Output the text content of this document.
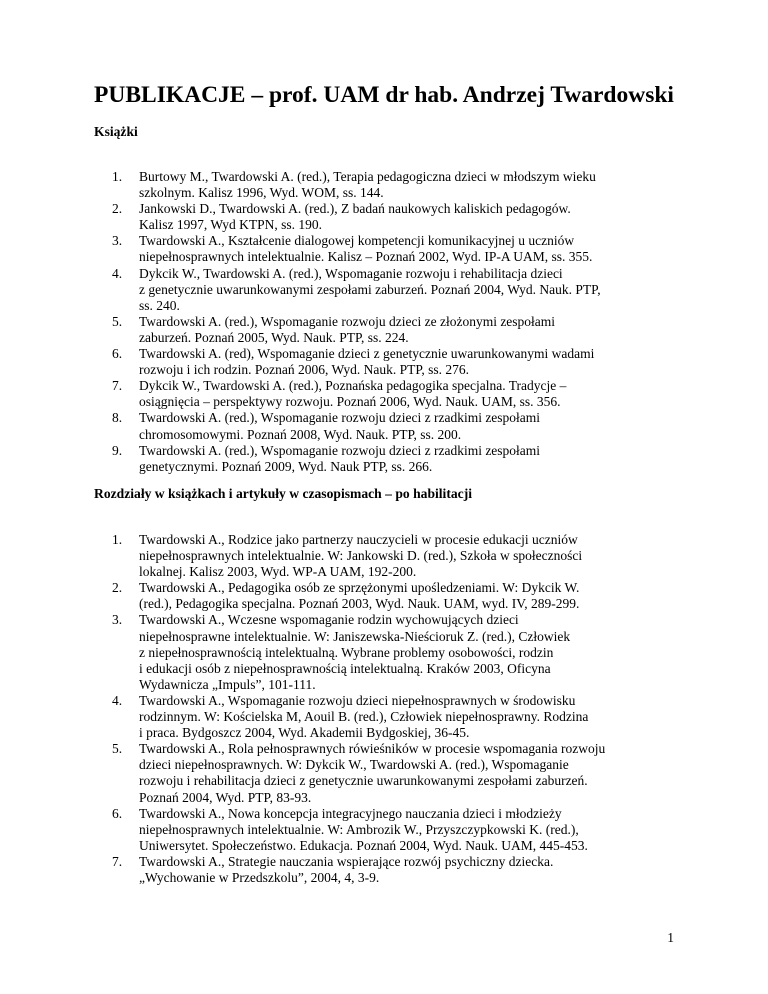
PUBLIKACJE – prof. UAM dr hab. Andrzej Twardowski
Książki
1. Burtowy M., Twardowski A. (red.), Terapia pedagogiczna dzieci w młodszym wieku
szkolnym. Kalisz 1996, Wyd. WOM, ss. 144.
2. Jankowski D., Twardowski A. (red.), Z badań naukowych kaliskich pedagogów.
Kalisz 1997, Wyd KTPN, ss. 190.
3. Twardowski A., Kształcenie dialogowej kompetencji komunikacyjnej u uczniów
niepełnosprawnych intelektualnie. Kalisz – Poznań 2002, Wyd. IP-A UAM, ss. 355.
4. Dykcik W., Twardowski A. (red.), Wspomaganie rozwoju i rehabilitacja dzieci
z genetycznie uwarunkowanymi zespołami zaburzeń. Poznań 2004, Wyd. Nauk. PTP,
ss. 240.
5. Twardowski A. (red.), Wspomaganie rozwoju dzieci ze złożonymi zespołami
zaburzeń. Poznań 2005, Wyd. Nauk. PTP, ss. 224.
6. Twardowski A. (red), Wspomaganie dzieci z genetycznie uwarunkowanymi wadami
rozwoju i ich rodzin. Poznań 2006, Wyd. Nauk. PTP, ss. 276.
7. Dykcik W., Twardowski A. (red.), Poznańska pedagogika specjalna. Tradycje –
osiągnięcia – perspektywy rozwoju. Poznań 2006, Wyd. Nauk. UAM, ss. 356.
8. Twardowski A. (red.), Wspomaganie rozwoju dzieci z rzadkimi zespołami
chromosomowymi. Poznań 2008, Wyd. Nauk. PTP, ss. 200.
9. Twardowski A. (red.), Wspomaganie rozwoju dzieci z rzadkimi zespołami
genetycznymi. Poznań 2009, Wyd. Nauk PTP, ss. 266.
Rozdziały w książkach i artykuły w czasopismach – po habilitacji
1. Twardowski A., Rodzice jako partnerzy nauczycieli w procesie edukacji uczniów
niepełnosprawnych intelektualnie. W: Jankowski D. (red.), Szkoła w społeczności
lokalnej. Kalisz 2003, Wyd. WP-A UAM, 192-200.
2. Twardowski A., Pedagogika osób ze sprzężonymi upośledzeniami. W: Dykcik W.
(red.), Pedagogika specjalna. Poznań 2003, Wyd. Nauk. UAM, wyd. IV, 289-299.
3. Twardowski A., Wczesne wspomaganie rodzin wychowujących dzieci
niepełnosprawne intelektualnie. W: Janiszewska-Nieścioruk Z. (red.), Człowiek
z niepełnosprawnością intelektualną. Wybrane problemy osobowości, rodzin
i edukacji osób z niepełnosprawnością intelektualną. Kraków 2003, Oficyna
Wydawnicza „Impuls”, 101-111.
4. Twardowski A., Wspomaganie rozwoju dzieci niepełnosprawnych w środowisku
rodzinnym. W: Kościelska M, Aouil B. (red.), Człowiek niepełnosprawny. Rodzina
i praca. Bydgoszcz 2004, Wyd. Akademii Bydgoskiej, 36-45.
5. Twardowski A., Rola pełnosprawnych rówieśników w procesie wspomagania rozwoju
dzieci niepełnosprawnych. W: Dykcik W., Twardowski A. (red.), Wspomaganie
rozwoju i rehabilitacja dzieci z genetycznie uwarunkowanymi zespołami zaburzeń.
Poznań 2004, Wyd. PTP, 83-93.
6. Twardowski A., Nowa koncepcja integracyjnego nauczania dzieci i młodzieży
niepełnosprawnych intelektualnie. W: Ambrozik W., Przyszczypkowski K. (red.),
Uniwersytet. Społeczeństwo. Edukacja. Poznań 2004, Wyd. Nauk. UAM, 445-453.
7. Twardowski A., Strategie nauczania wspierające rozwój psychiczny dziecka.
„Wychowanie w Przedszkolu”, 2004, 4, 3-9.
1
